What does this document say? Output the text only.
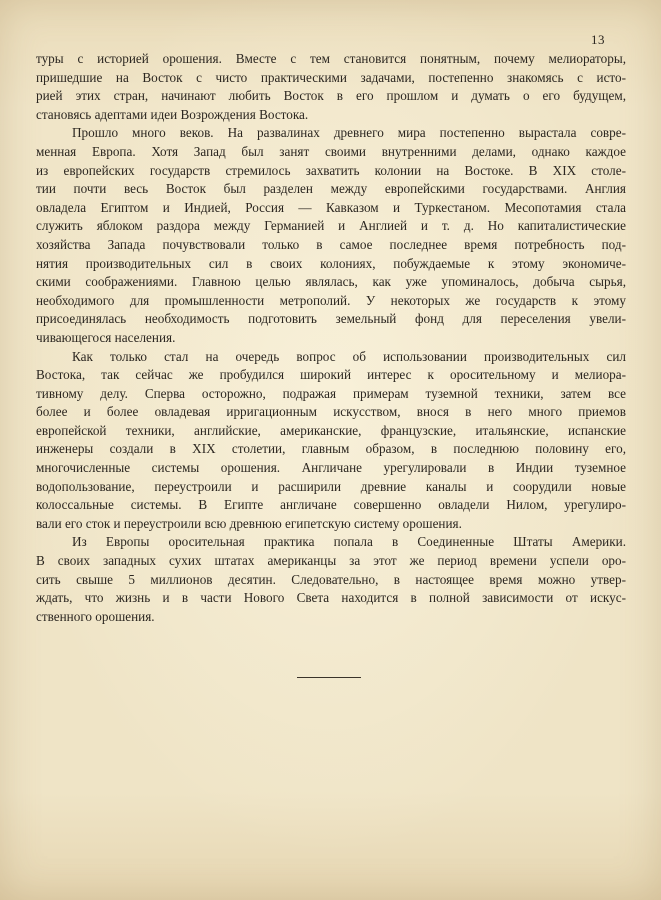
13
туры с историей орошения. Вместе с тем становится понятным, почему мелиораторы,
пришедшие на Восток с чисто практическими задачами, постепенно знакомясь с исто-
рией этих стран, начинают любить Восток в его прошлом и думать о его будущем,
становясь адептами идеи Возрождения Востока.
Прошло много веков. На развалинах древнего мира постепенно вырастала совре-
менная Европа. Хотя Запад был занят своими внутренними делами, однако каждое
из европейских государств стремилось захватить колонии на Востоке. В XIX столе-
тии почти весь Восток был разделен между европейскими государствами. Англия
овладела Египтом и Индией, Россия — Кавказом и Туркестаном. Месопотамия стала
служить яблоком раздора между Германией и Англией и т. д. Но капиталистические
хозяйства Запада почувствовали только в самое последнее время потребность под-
нятия производительных сил в своих колониях, побуждаемые к этому экономиче-
скими соображениями. Главною целью являлась, как уже упоминалось, добыча сырья,
необходимого для промышленности метрополий. У некоторых же государств к этому
присоединялась необходимость подготовить земельный фонд для переселения увели-
чивающегося населения.
Как только стал на очередь вопрос об использовании производительных сил
Востока, так сейчас же пробудился широкий интерес к оросительному и мелиора-
тивному делу. Сперва осторожно, подражая примерам туземной техники, затем все
более и более овладевая ирригационным искусством, внося в него много приемов
европейской техники, английские, американские, французские, итальянские, испанские
инженеры создали в XIX столетии, главным образом, в последнюю половину его,
многочисленные системы орошения. Англичане урегулировали в Индии туземное
водопользование, переустроили и расширили древние каналы и соорудили новые
колоссальные системы. В Египте англичане совершенно овладели Нилом, урегулиро-
вали его сток и переустроили всю древнюю египетскую систему орошения.
Из Европы оросительная практика попала в Соединенные Штаты Америки.
В своих западных сухих штатах американцы за этот же период времени успели оро-
сить свыше 5 миллионов десятин. Следовательно, в настоящее время можно утвер-
ждать, что жизнь и в части Нового Света находится в полной зависимости от искус-
ственного орошения.
